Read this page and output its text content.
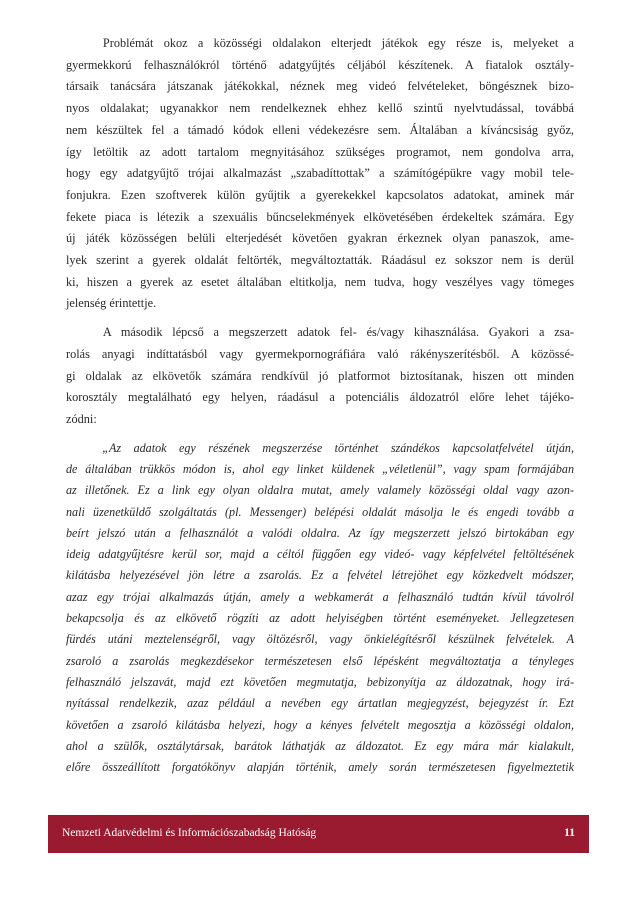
   Problémát okoz a közösségi oldalakon elterjedt játékok egy része is, melyeket a
gyermekkorú felhasználókról történő adatgyűjtés céljából készítenek. A fiatalok osztály-
társaik tanácsára játszanak játékokkal, néznek meg videó felvételeket, böngésznek bizo-
nyos oldalakat; ugyanakkor nem rendelkeznek ehhez kellő szintű nyelvtudással, továbbá
nem készültek fel a támadó kódok elleni védekezésre sem. Általában a kíváncsiság győz,
így letöltik az adott tartalom megnyitásához szükséges programot, nem gondolva arra,
hogy egy adatgyűjtő trójai alkalmazást „szabadíttottak” a számítógépükre vagy mobil tele-
fonjukra. Ezen szoftverek külön gyűjtik a gyerekekkel kapcsolatos adatokat, aminek már
fekete piaca is létezik a szexuális bűncselekmények elkövetésében érdekeltek számára. Egy
új játék közösségen belüli elterjedését követően gyakran érkeznek olyan panaszok, ame-
lyek szerint a gyerek oldalát feltörték, megváltoztatták. Ráadásul ez sokszor nem is derül
ki, hiszen a gyerek az esetet általában eltitkolja, nem tudva, hogy veszélyes vagy tömeges
jelenség érintettje.
   A második lépcső a megszerzett adatok fel- és/vagy kihasználása. Gyakori a zsa-
rolás anyagi indíttatásból vagy gyermekpornográfiára való rákényszerítésből. A közössé-
gi oldalak az elkövetők számára rendkívül jó platformot biztosítanak, hiszen ott minden
korosztály megtalálható egy helyen, ráadásul a potenciális áldozatról előre lehet tájéko-
zódni:
   „Az adatok egy részének megszerzése történhet szándékos kapcsolatfelvétel útján,
de általában trükkös módon is, ahol egy linket küldenek „véletlenül”, vagy spam formájában
az illetőnek. Ez a link egy olyan oldalra mutat, amely valamely közösségi oldal vagy azon-
nali üzenetküldő szolgáltatás (pl. Messenger) belépési oldalát másolja le és engedi tovább a
beírt jelszó után a felhasználót a valódi oldalra. Az így megszerzett jelszó birtokában egy
ideig adatgyűjtésre kerül sor, majd a céltól függően egy videó- vagy képfelvétel feltöltésének
kilátásba helyezésével jön létre a zsarolás. Ez a felvétel létrejöhet egy közkedvelt módszer,
azaz egy trójai alkalmazás útján, amely a webkamerát a felhasználó tudtán kívül távolról
bekapcsolja és az elkövető rögzíti az adott helyiségben történt eseményeket. Jellegzetesen
fürdés utáni meztelenségről, vagy öltözésről, vagy önkielégítésről készülnek felvételek. A
zsaroló a zsarolás megkezdésekor természetesen első lépésként megváltoztatja a tényleges
felhasználó jelszavát, majd ezt követően megmutatja, bebizonyítja az áldozatnak, hogy irá-
nyítással rendelkezik, azaz például a nevében egy ártatlan megjegyzést, bejegyzést ír. Ezt
követően a zsaroló kilátásba helyezi, hogy a kényes felvételt megosztja a közösségi oldalon,
ahol a szülők, osztálytársak, barátok láthatják az áldozatot. Ez egy mára már kialakult,
előre összeállított forgatókönyv alapján történik, amely során természetesen figyelmeztetik
Nemzeti Adatvédelmi és Információszabadság Hatóság	11
